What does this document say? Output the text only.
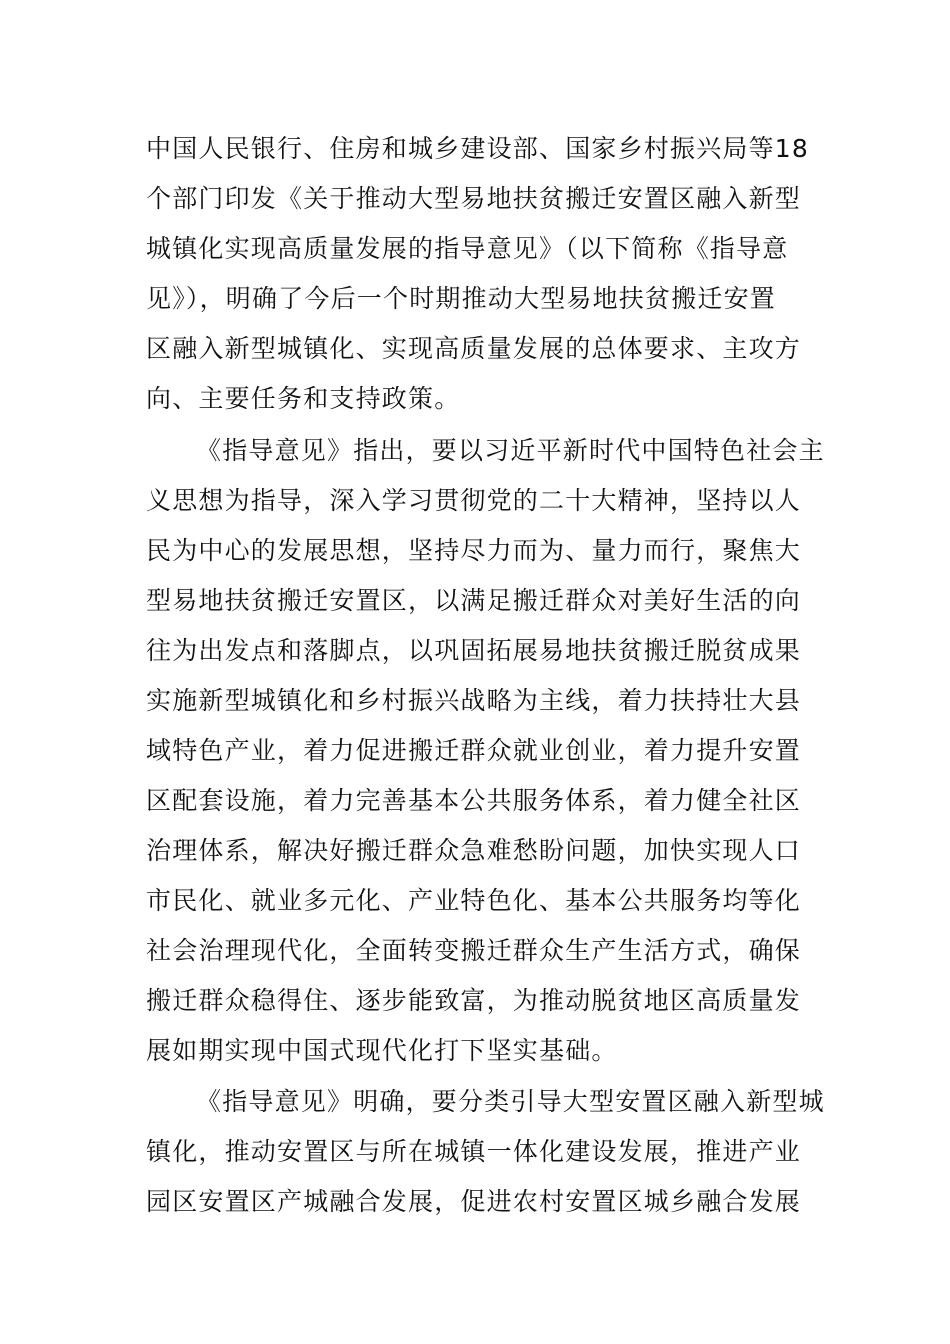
中国人民银行、住房和城乡建设部、国家乡村振兴局等18
个部门印发《关于推动大型易地扶贫搬迁安置区融入新型
城镇化实现高质量发展的指导意见》（以下简称《指导意
见》），明确了今后一个时期推动大型易地扶贫搬迁安置
区融入新型城镇化、实现高质量发展的总体要求、主攻方
向、主要任务和支持政策。
《指导意见》指出，要以习近平新时代中国特色社会主
义思想为指导，深入学习贯彻党的二十大精神，坚持以人
民为中心的发展思想，坚持尽力而为、量力而行，聚焦大
型易地扶贫搬迁安置区，以满足搬迁群众对美好生活的向
往为出发点和落脚点，以巩固拓展易地扶贫搬迁脱贫成果
实施新型城镇化和乡村振兴战略为主线，着力扶持壮大县
域特色产业，着力促进搬迁群众就业创业，着力提升安置
区配套设施，着力完善基本公共服务体系，着力健全社区
治理体系，解决好搬迁群众急难愁盼问题，加快实现人口
市民化、就业多元化、产业特色化、基本公共服务均等化
社会治理现代化，全面转变搬迁群众生产生活方式，确保
搬迁群众稳得住、逐步能致富，为推动脱贫地区高质量发
展如期实现中国式现代化打下坚实基础。
《指导意见》明确，要分类引导大型安置区融入新型城
镇化，推动安置区与所在城镇一体化建设发展，推进产业
园区安置区产城融合发展，促进农村安置区城乡融合发展
